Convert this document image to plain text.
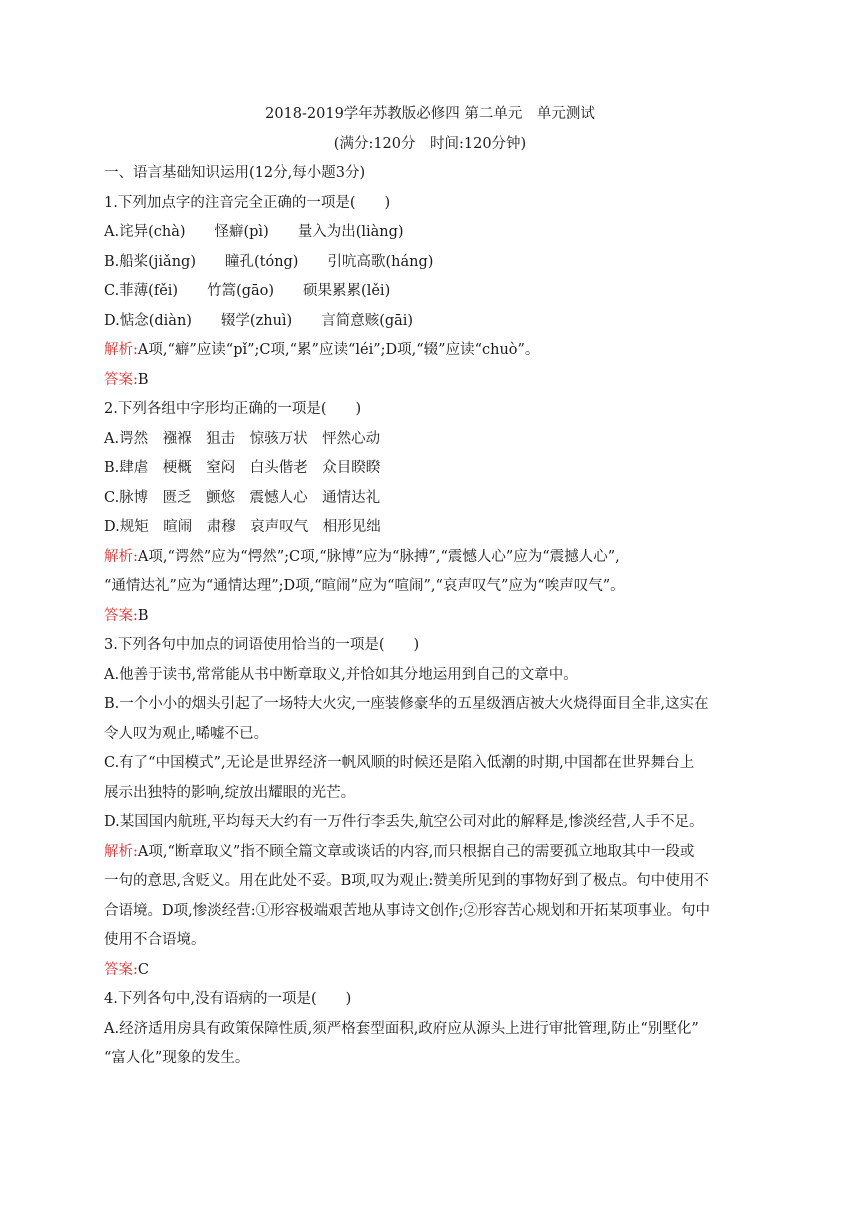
2018-2019学年苏教版必修四 第二单元　单元测试
(满分:120分　时间:120分钟)
一、语言基础知识运用(12分,每小题3分)
1.下列加点字的注音完全正确的一项是(　　)
A.诧异(chà)　　怪癖(pì)　　量入为出(liàng)
B.船桨(jiǎng)　　瞳孔(tóng)　　引吭高歌(háng)
C.菲薄(fěi)　　竹篙(gāo)　　硕果累累(lěi)
D.惦念(diàn)　　辍学(zhuì)　　言简意赅(gāi)
解析:A项,“癖”应读“pǐ”;C项,“累”应读“léi”;D项,“辍”应读“chuò”。
答案:B
2.下列各组中字形均正确的一项是(　　)
A.谔然　襁褓　狙击　惊骇万状　怦然心动
B.肆虐　梗概　窒闷　白头偕老　众目睽睽
C.脉博　匮乏　颤悠　震憾人心　通情达礼
D.规矩　暄闹　肃穆　哀声叹气　相形见绌
解析:A项,“谔然”应为“愕然”;C项,“脉博”应为“脉搏”,“震憾人心”应为“震撼人心”,
“通情达礼”应为“通情达理”;D项,“暄闹”应为“喧闹”,“哀声叹气”应为“唉声叹气”。
答案:B
3.下列各句中加点的词语使用恰当的一项是(　　)
A.他善于读书,常常能从书中断章取义,并恰如其分地运用到自己的文章中。
B.一个小小的烟头引起了一场特大火灾,一座装修豪华的五星级酒店被大火烧得面目全非,这实在
令人叹为观止,唏嘘不已。
C.有了“中国模式”,无论是世界经济一帆风顺的时候还是陷入低潮的时期,中国都在世界舞台上
展示出独特的影响,绽放出耀眼的光芒。
D.某国国内航班,平均每天大约有一万件行李丢失,航空公司对此的解释是,惨淡经营,人手不足。
解析:A项,“断章取义”指不顾全篇文章或谈话的内容,而只根据自己的需要孤立地取其中一段或
一句的意思,含贬义。用在此处不妥。B项,叹为观止:赞美所见到的事物好到了极点。句中使用不
合语境。D项,惨淡经营:①形容极端艰苦地从事诗文创作;②形容苦心规划和开拓某项事业。句中
使用不合语境。
答案:C
4.下列各句中,没有语病的一项是(　　)
A.经济适用房具有政策保障性质,须严格套型面积,政府应从源头上进行审批管理,防止“别墅化”
“富人化”现象的发生。
